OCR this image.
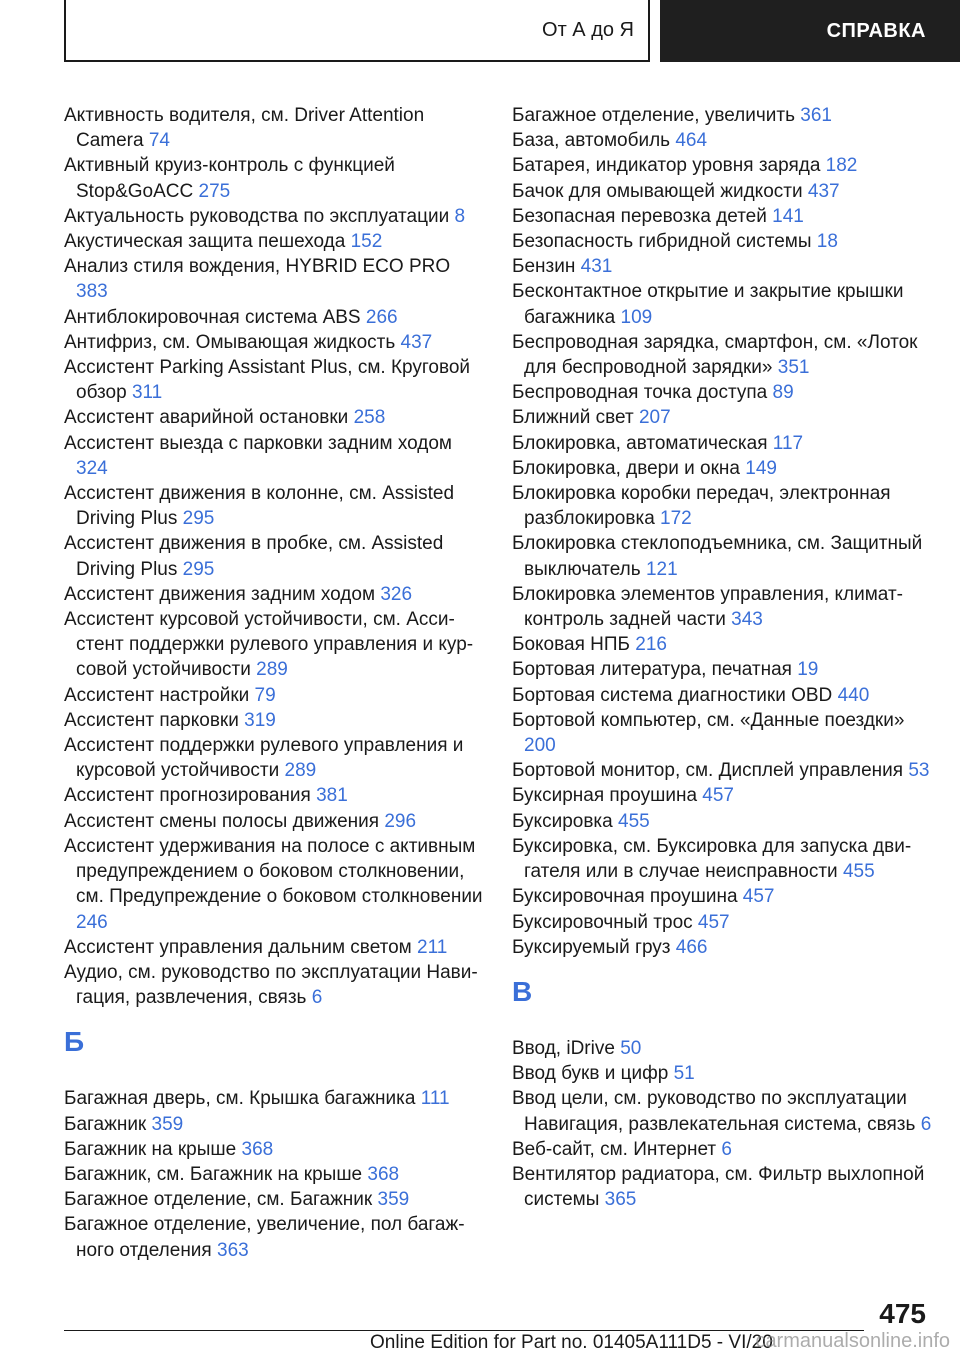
От А до Я	СПРАВКА
Активность водителя, см. Driver Attention Camera 74
Активный круиз-контроль с функцией Stop&GoACC 275
Актуальность руководства по эксплуатации 8
Акустическая защита пешехода 152
Анализ стиля вождения, HYBRID ECO PRO 383
Антиблокировочная система ABS 266
Антифриз, см. Омывающая жидкость 437
Ассистент Parking Assistant Plus, см. Круговой обзор 311
Ассистент аварийной остановки 258
Ассистент выезда с парковки задним ходом 324
Ассистент движения в колонне, см. Assisted Driving Plus 295
Ассистент движения в пробке, см. Assisted Driving Plus 295
Ассистент движения задним ходом 326
Ассистент курсовой устойчивости, см. Ассистент поддержки рулевого управления и курсовой устойчивости 289
Ассистент настройки 79
Ассистент парковки 319
Ассистент поддержки рулевого управления и курсовой устойчивости 289
Ассистент прогнозирования 381
Ассистент смены полосы движения 296
Ассистент удерживания на полосе с активным предупреждением о боковом столкновении, см. Предупреждение о боковом столкновении 246
Ассистент управления дальним светом 211
Аудио, см. руководство по эксплуатации Навигация, развлечения, связь 6
Б
Багажная дверь, см. Крышка багажника 111
Багажник 359
Багажник на крыше 368
Багажник, см. Багажник на крыше 368
Багажное отделение, см. Багажник 359
Багажное отделение, увеличение, пол багажного отделения 363
Багажное отделение, увеличить 361
База, автомобиль 464
Батарея, индикатор уровня заряда 182
Бачок для омывающей жидкости 437
Безопасная перевозка детей 141
Безопасность гибридной системы 18
Бензин 431
Бесконтактное открытие и закрытие крышки багажника 109
Беспроводная зарядка, смартфон, см. «Лоток для беспроводной зарядки» 351
Беспроводная точка доступа 89
Ближний свет 207
Блокировка, автоматическая 117
Блокировка, двери и окна 149
Блокировка коробки передач, электронная разблокировка 172
Блокировка стеклоподъемника, см. Защитный выключатель 121
Блокировка элементов управления, климат-контроль задней части 343
Боковая НПБ 216
Бортовая литература, печатная 19
Бортовая система диагностики OBD 440
Бортовой компьютер, см. «Данные поездки» 200
Бортовой монитор, см. Дисплей управления 53
Буксирная проушина 457
Буксировка 455
Буксировка, см. Буксировка для запуска двигателя или в случае неисправности 455
Буксировочная проушина 457
Буксировочный трос 457
Буксируемый груз 466
В
Ввод, iDrive 50
Ввод букв и цифр 51
Ввод цели, см. руководство по эксплуатации Навигация, развлекательная система, связь 6
Веб-сайт, см. Интернет 6
Вентилятор радиатора, см. Фильтр выхлопной системы 365
475
Online Edition for Part no. 01405A111D5 - VI/20
carmanualsonline.info
